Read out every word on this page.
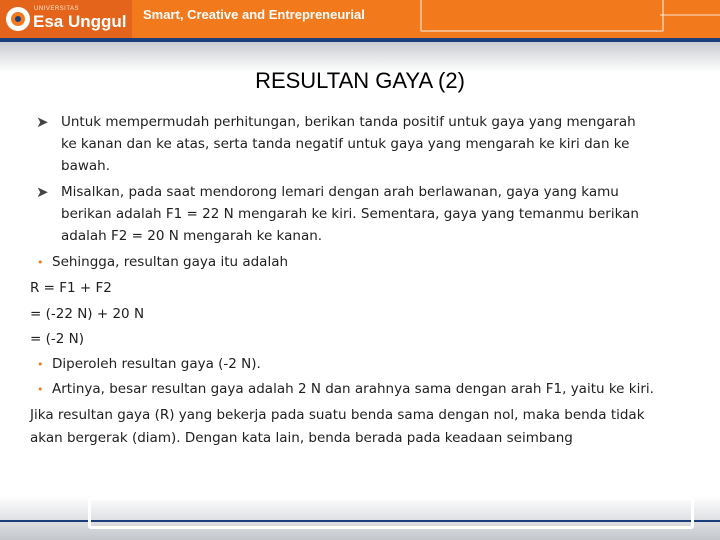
UNIVERSITAS
Esa Unggul Smart, Creative and Entrepreneurial
RESULTAN GAYA (2)
➤ Untuk mempermudah perhitungan, berikan tanda positif untuk gaya yang mengarah
ke kanan dan ke atas, serta tanda negatif untuk gaya yang mengarah ke kiri dan ke
bawah.
➤ Misalkan, pada saat mendorong lemari dengan arah berlawanan, gaya yang kamu
berikan adalah F1 = 22 N mengarah ke kiri. Sementara, gaya yang temanmu berikan
adalah F2 = 20 N mengarah ke kanan.
• Sehingga, resultan gaya itu adalah
R = F1 + F2
= (-22 N) + 20 N
= (-2 N)
• Diperoleh resultan gaya (-2 N).
• Artinya, besar resultan gaya adalah 2 N dan arahnya sama dengan arah F1, yaitu ke kiri.
Jika resultan gaya (R) yang bekerja pada suatu benda sama dengan nol, maka benda tidak
akan bergerak (diam). Dengan kata lain, benda berada pada keadaan seimbang
